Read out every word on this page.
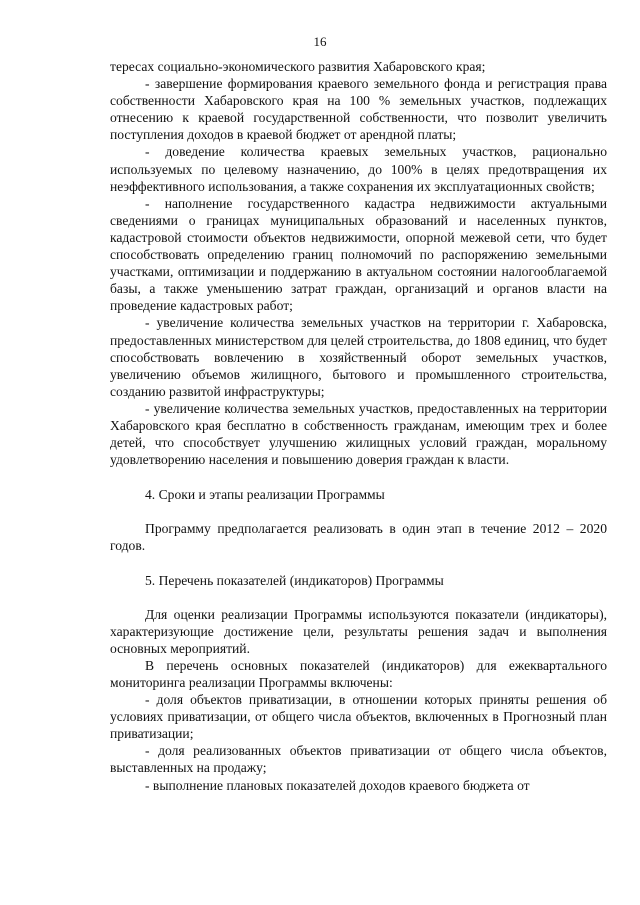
16

тересах социально-экономического развития Хабаровского края;

- завершение формирования краевого земельного фонда и регистрация права собственности Хабаровского края на 100 % земельных участков, подлежащих отнесению к краевой государственной собственности, что позволит увеличить поступления доходов в краевой бюджет от арендной платы;

- доведение количества краевых земельных участков, рационально используемых по целевому назначению, до 100% в целях предотвращения их неэффективного использования, а также сохранения их эксплуатационных свойств;

- наполнение государственного кадастра недвижимости актуальными сведениями о границах муниципальных образований и населенных пунктов, кадастровой стоимости объектов недвижимости, опорной межевой сети, что будет способствовать определению границ полномочий по распоряжению земельными участками, оптимизации и поддержанию в актуальном состоянии налогооблагаемой базы, а также уменьшению затрат граждан, организаций и органов власти на проведение кадастровых работ;

- увеличение количества земельных участков на территории г. Хабаровска, предоставленных министерством для целей строительства, до 1808 единиц, что будет способствовать вовлечению в хозяйственный оборот земельных участков, увеличению объемов жилищного, бытового и промышленного строительства, созданию развитой инфраструктуры;

- увеличение количества земельных участков, предоставленных на территории Хабаровского края бесплатно в собственность гражданам, имеющим трех и более детей, что способствует улучшению жилищных условий граждан, моральному удовлетворению населения и повышению доверия граждан к власти.

4. Сроки и этапы реализации Программы

Программу предполагается реализовать в один этап в течение 2012 – 2020 годов.

5. Перечень показателей (индикаторов) Программы

Для оценки реализации Программы используются показатели (индикаторы), характеризующие достижение цели, результаты решения задач и выполнения основных мероприятий.

В перечень основных показателей (индикаторов) для ежеквартального мониторинга реализации Программы включены:

- доля объектов приватизации, в отношении которых приняты решения об условиях приватизации, от общего числа объектов, включенных в Прогнозный план приватизации;

- доля реализованных объектов приватизации от общего числа объектов, выставленных на продажу;

- выполнение плановых показателей доходов краевого бюджета от
